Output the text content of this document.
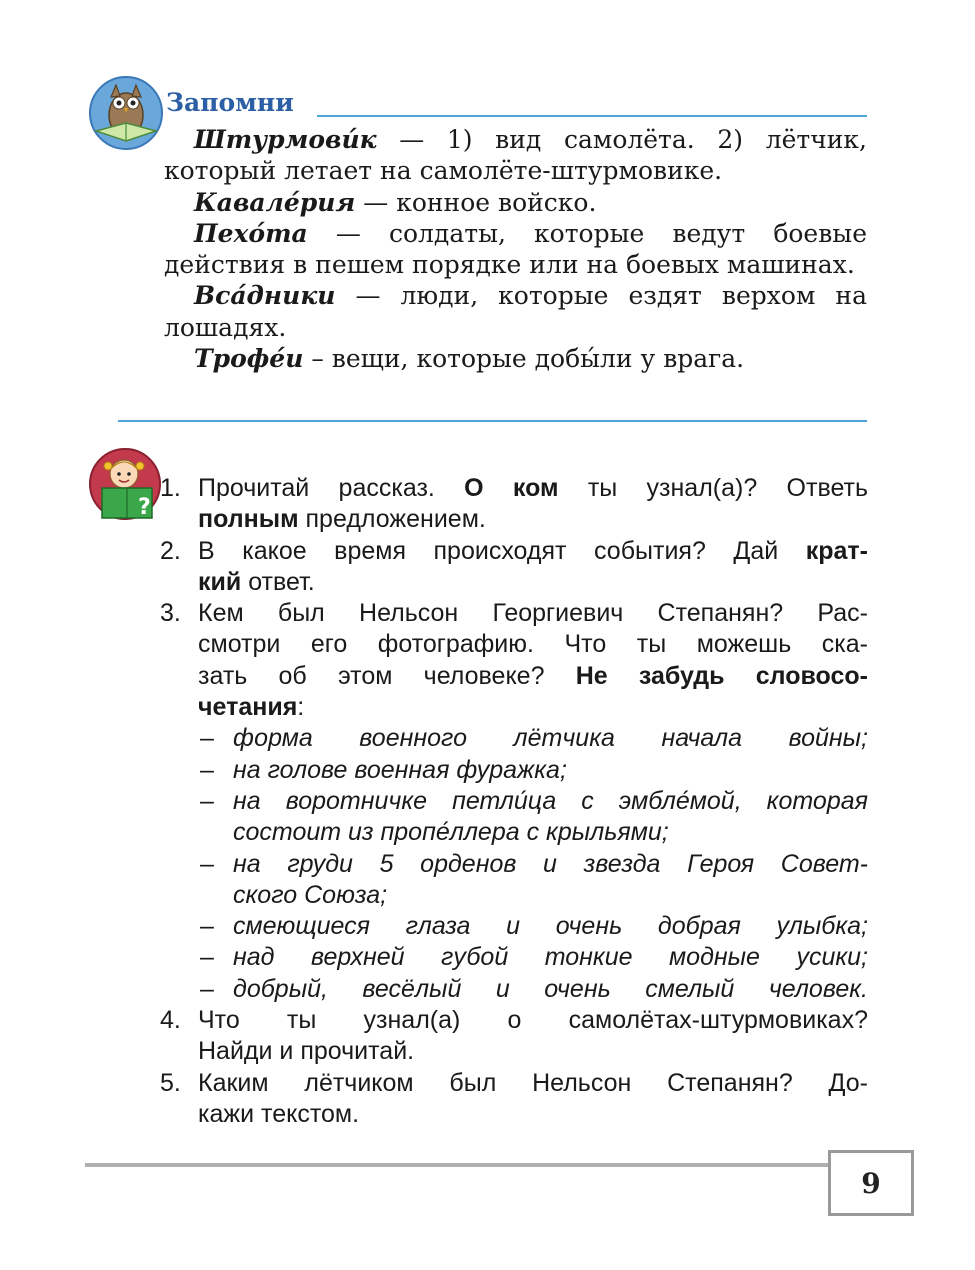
Запомни

Штурмови́к — 1) вид самолёта. 2) лётчик, который летает на самолёте-штурмовике.

Кавале́рия — конное войско.

Пехо́та — солдаты, которые ведут боевые действия в пешем порядке или на боевых машинах.

Вса́дники — люди, которые ездят верхом на лошадях.

Трофе́и – вещи, которые добы́ли у врага.

?
1. Прочитай рассказ. О ком ты узнал(а)? Ответь
полным предложением.
2. В какое время происходят события? Дай крат-
кий ответ.
3. Кем был Нельсон Георгиевич Степанян? Рас-
смотри его фотографию. Что ты можешь ска-
зать об этом человеке? Не забудь словосо-
четания:
– форма военного лётчика начала войны;
– на голове военная фуражка;
– на воротничке петли́ца с эмбле́мой, которая
состоит из пропе́ллера с крыльями;
– на груди 5 орденов и звезда Героя Совет-
ского Союза;
– смеющиеся глаза и очень добрая улыбка;
– над верхней губой тонкие модные усики;
– добрый, весёлый и очень смелый человек.
4. Что ты узнал(а) о самолётах-штурмовиках?
Найди и прочитай.
5. Каким лётчиком был Нельсон Степанян? До-
кажи текстом.
9
